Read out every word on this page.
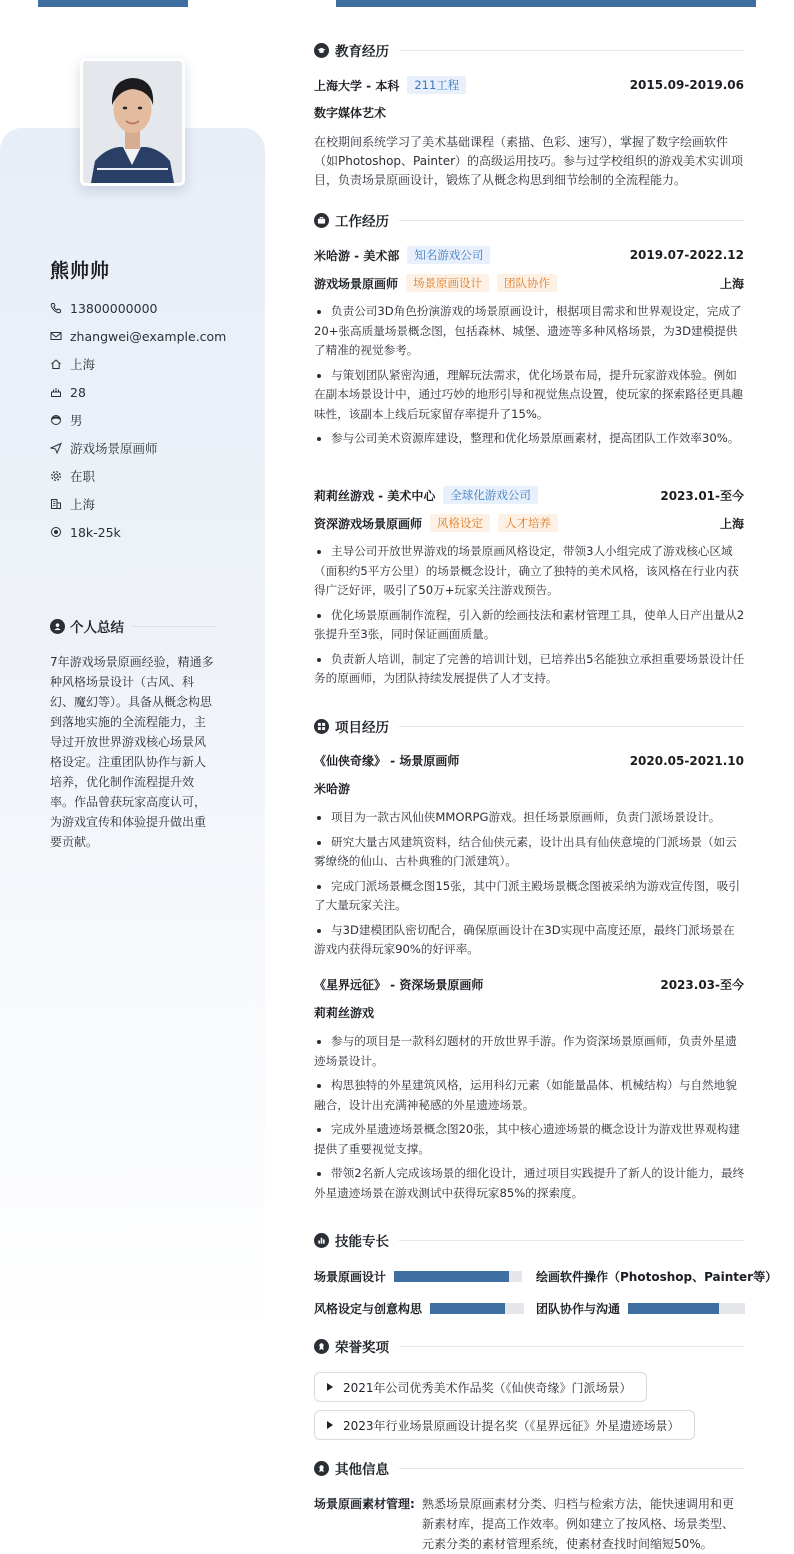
熊帅帅
13800000000
zhangwei@example.com
上海
28
男
游戏场景原画师
在职
上海
18k-25k
个人总结
7年游戏场景原画经验，精通多种风格场景设计（古风、科幻、魔幻等）。具备从概念构思到落地实施的全流程能力，主导过开放世界游戏核心场景风格设定。注重团队协作与新人培养，优化制作流程提升效率。作品曾获玩家高度认可，为游戏宣传和体验提升做出重要贡献。
教育经历
上海大学 - 本科	211工程	2015.09-2019.06
数字媒体艺术
在校期间系统学习了美术基础课程（素描、色彩、速写），掌握了数字绘画软件（如Photoshop、Painter）的高级运用技巧。参与过学校组织的游戏美术实训项目，负责场景原画设计，锻炼了从概念构思到细节绘制的全流程能力。
工作经历
米哈游 - 美术部	知名游戏公司	2019.07-2022.12
游戏场景原画师	场景原画设计	团队协作	上海
负责公司3D角色扮演游戏的场景原画设计，根据项目需求和世界观设定，完成了20+张高质量场景概念图，包括森林、城堡、遗迹等多种风格场景，为3D建模提供了精准的视觉参考。
与策划团队紧密沟通，理解玩法需求，优化场景布局，提升玩家游戏体验。例如在副本场景设计中，通过巧妙的地形引导和视觉焦点设置，使玩家的探索路径更具趣味性，该副本上线后玩家留存率提升了15%。
参与公司美术资源库建设，整理和优化场景原画素材，提高团队工作效率30%。
莉莉丝游戏 - 美术中心	全球化游戏公司	2023.01-至今
资深游戏场景原画师	风格设定	人才培养	上海
主导公司开放世界游戏的场景原画风格设定，带领3人小组完成了游戏核心区域（面积约5平方公里）的场景概念设计，确立了独特的美术风格，该风格在行业内获得广泛好评，吸引了50万+玩家关注游戏预告。
优化场景原画制作流程，引入新的绘画技法和素材管理工具，使单人日产出量从2张提升至3张，同时保证画面质量。
负责新人培训，制定了完善的培训计划，已培养出5名能独立承担重要场景设计任务的原画师，为团队持续发展提供了人才支持。
项目经历
《仙侠奇缘》 - 场景原画师	2020.05-2021.10
米哈游
项目为一款古风仙侠MMORPG游戏。担任场景原画师，负责门派场景设计。
研究大量古风建筑资料，结合仙侠元素，设计出具有仙侠意境的门派场景（如云雾缭绕的仙山、古朴典雅的门派建筑）。
完成门派场景概念图15张，其中门派主殿场景概念图被采纳为游戏宣传图，吸引了大量玩家关注。
与3D建模团队密切配合，确保原画设计在3D实现中高度还原，最终门派场景在游戏内获得玩家90%的好评率。
《星界远征》 - 资深场景原画师	2023.03-至今
莉莉丝游戏
参与的项目是一款科幻题材的开放世界手游。作为资深场景原画师，负责外星遗迹场景设计。
构思独特的外星建筑风格，运用科幻元素（如能量晶体、机械结构）与自然地貌融合，设计出充满神秘感的外星遗迹场景。
完成外星遗迹场景概念图20张，其中核心遗迹场景的概念设计为游戏世界观构建提供了重要视觉支撑。
带领2名新人完成该场景的细化设计，通过项目实践提升了新人的设计能力，最终外星遗迹场景在游戏测试中获得玩家85%的探索度。
技能专长
场景原画设计	绘画软件操作（Photoshop、Painter等）
风格设定与创意构思	团队协作与沟通
荣誉奖项
2021年公司优秀美术作品奖（《仙侠奇缘》门派场景）
2023年行业场景原画设计提名奖（《星界远征》外星遗迹场景）
其他信息
场景原画素材管理: 熟悉场景原画素材分类、归档与检索方法，能快速调用和更新素材库，提高工作效率。例如建立了按风格、场景类型、元素分类的素材管理系统，使素材查找时间缩短50%。
